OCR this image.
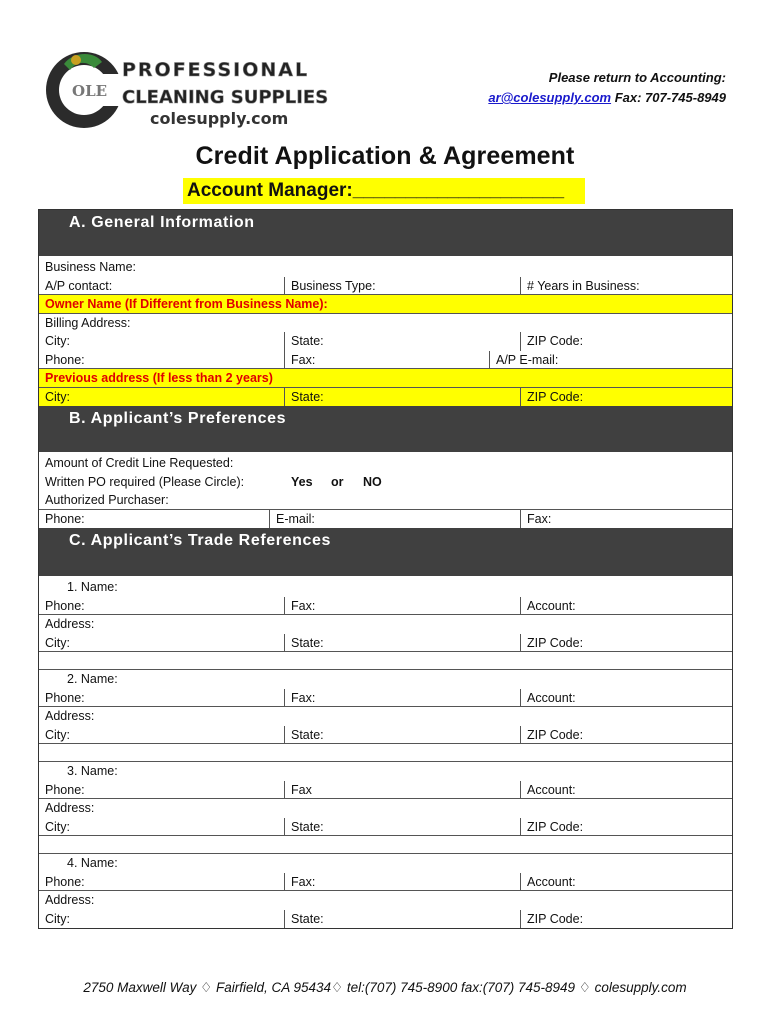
OLE
PROFESSIONAL
CLEANING SUPPLIES
colesupply.com
Please return to Accounting:
ar@colesupply.com Fax: 707-745-8949
Credit Application & Agreement
Account Manager:____________________
A. General Information
Business Name:
A/P contact:	Business Type:	# Years in Business:
Owner Name (If Different from Business Name):
Billing Address:
City:	State:	ZIP Code:
Phone:	Fax:	A/P E-mail:
Previous address (If less than 2 years)
City:	State:	ZIP Code:
B. Applicant’s Preferences
Amount of Credit Line Requested:
Written PO required (Please Circle):	Yes	or	NO
Authorized Purchaser:
Phone:	E-mail:	Fax:
C. Applicant’s Trade References
1. Name:
Phone:	Fax:	Account:
Address:
City:	State:	ZIP Code:
2. Name:
Phone:	Fax:	Account:
Address:
City:	State:	ZIP Code:
3. Name:
Phone:	Fax	Account:
Address:
City:	State:	ZIP Code:
4. Name:
Phone:	Fax:	Account:
Address:
City:	State:	ZIP Code:
2750 Maxwell Way ♢ Fairfield, CA 95434♢ tel:(707) 745-8900 fax:(707) 745-8949 ♢ colesupply.com
